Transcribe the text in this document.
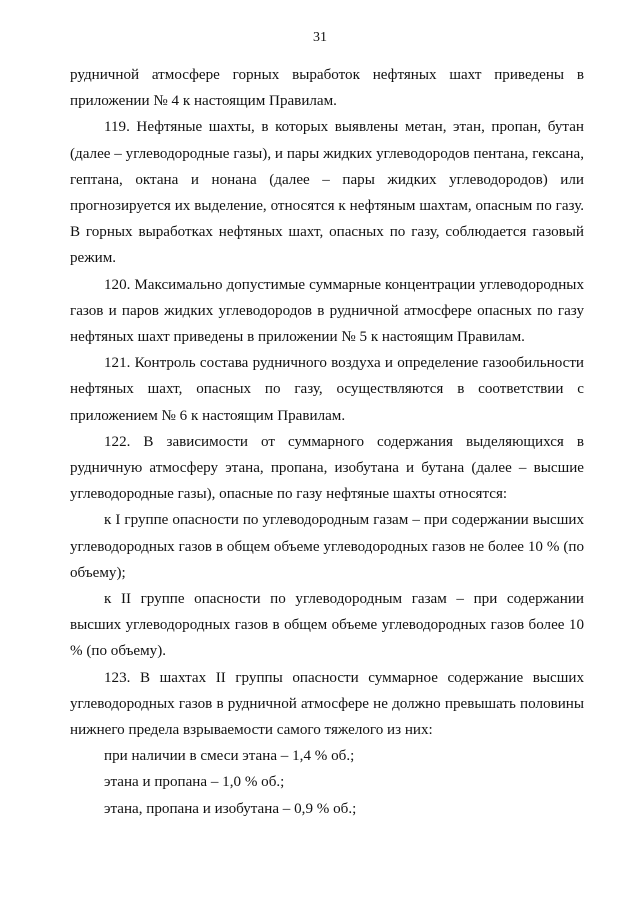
31

рудничной атмосфере горных выработок нефтяных шахт приведены в приложении № 4 к настоящим Правилам.

119. Нефтяные шахты, в которых выявлены метан, этан, пропан, бутан (далее – углеводородные газы), и пары жидких углеводородов пентана, гексана, гептана, октана и нонана (далее – пары жидких углеводородов) или прогнозируется их выделение, относятся к нефтяным шахтам, опасным по газу. В горных выработках нефтяных шахт, опасных по газу, соблюдается газовый режим.

120. Максимально допустимые суммарные концентрации углеводородных газов и паров жидких углеводородов в рудничной атмосфере опасных по газу нефтяных шахт приведены в приложении № 5 к настоящим Правилам.

121. Контроль состава рудничного воздуха и определение газообильности нефтяных шахт, опасных по газу, осуществляются в соответствии с приложением № 6 к настоящим Правилам.

122. В зависимости от суммарного содержания выделяющихся в рудничную атмосферу этана, пропана, изобутана и бутана (далее – высшие углеводородные газы), опасные по газу нефтяные шахты относятся:

к I группе опасности по углеводородным газам – при содержании высших углеводородных газов в общем объеме углеводородных газов не более 10 % (по объему);

к II группе опасности по углеводородным газам – при содержании высших углеводородных газов в общем объеме углеводородных газов более 10 % (по объему).

123. В шахтах II группы опасности суммарное содержание высших углеводородных газов в рудничной атмосфере не должно превышать половины нижнего предела взрываемости самого тяжелого из них:

при наличии в смеси этана – 1,4 % об.;

этана и пропана – 1,0 % об.;

этана, пропана и изобутана – 0,9 % об.;
